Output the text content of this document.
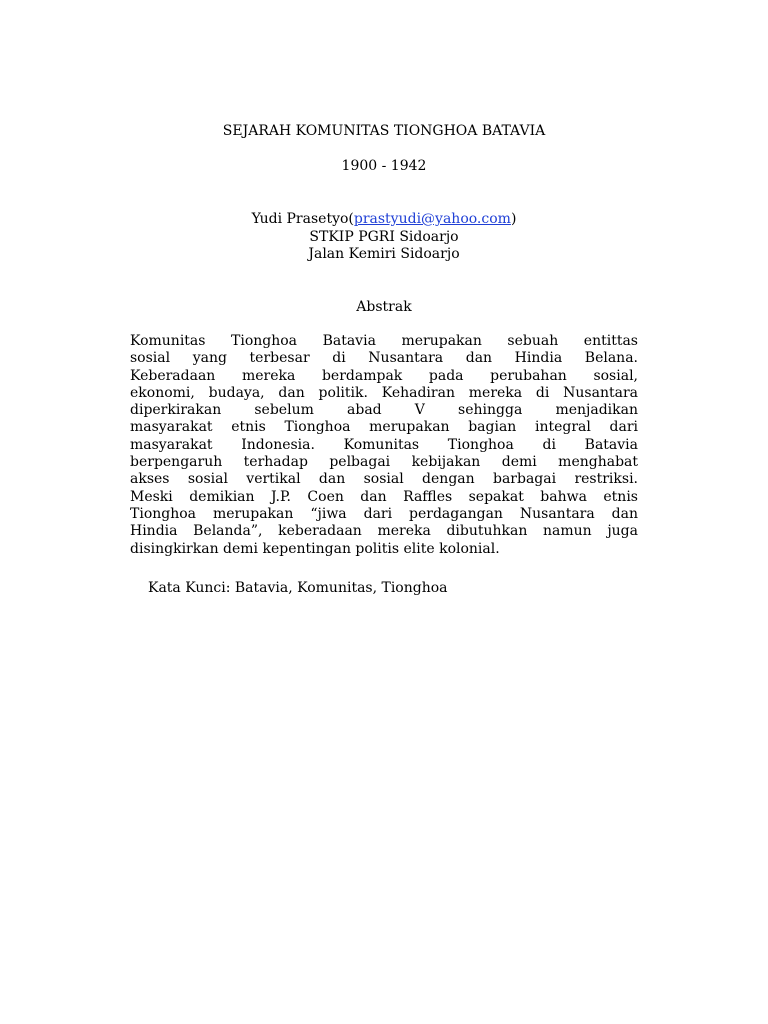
SEJARAH KOMUNITAS TIONGHOA BATAVIA
1900 - 1942
Yudi Prasetyo(prastyudi@yahoo.com)
STKIP PGRI Sidoarjo
Jalan Kemiri Sidoarjo
Abstrak
Komunitas Tionghoa Batavia merupakan sebuah entittas
sosial yang terbesar di Nusantara dan Hindia Belana.
Keberadaan mereka berdampak pada perubahan sosial,
ekonomi, budaya, dan politik. Kehadiran mereka di Nusantara
diperkirakan sebelum abad V sehingga menjadikan
masyarakat etnis Tionghoa merupakan bagian integral dari
masyarakat Indonesia. Komunitas Tionghoa di Batavia
berpengaruh terhadap pelbagai kebijakan demi menghabat
akses sosial vertikal dan sosial dengan barbagai restriksi.
Meski demikian J.P. Coen dan Raffles sepakat bahwa etnis
Tionghoa merupakan “jiwa dari perdagangan Nusantara dan
Hindia Belanda”, keberadaan mereka dibutuhkan namun juga
disingkirkan demi kepentingan politis elite kolonial.
Kata Kunci: Batavia, Komunitas, Tionghoa
